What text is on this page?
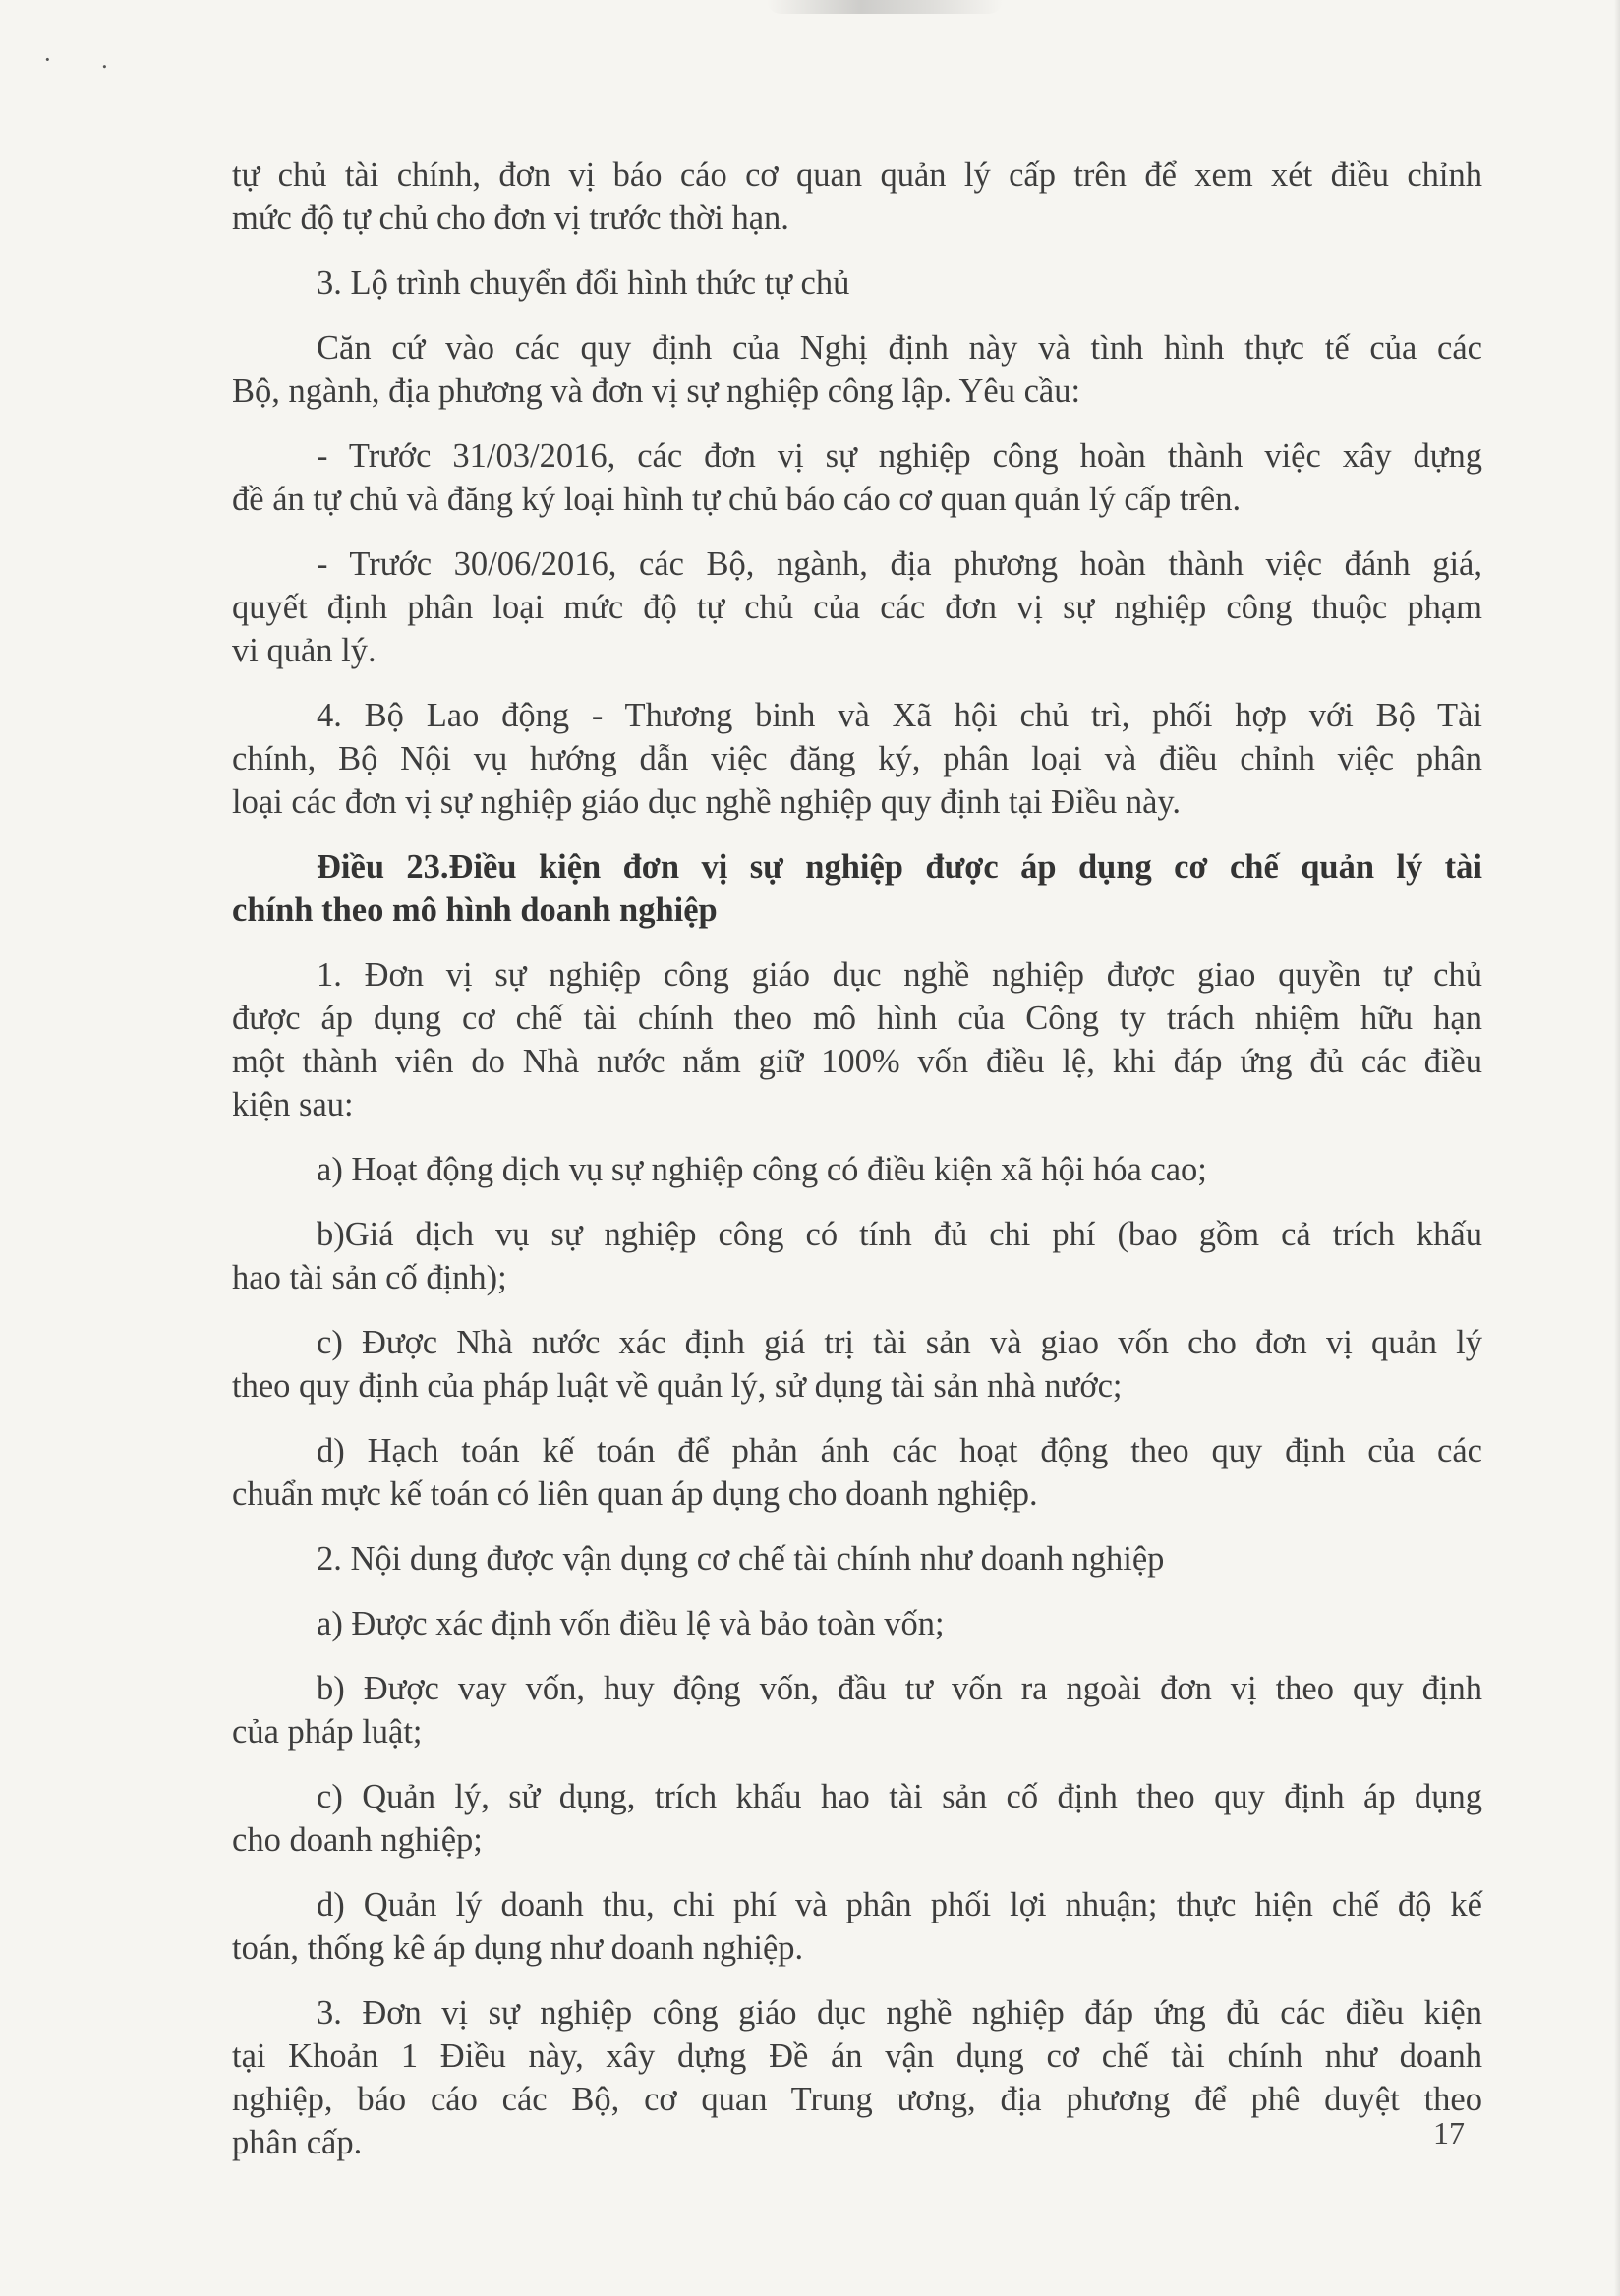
· .

tự chủ tài chính, đơn vị báo cáo cơ quan quản lý cấp trên để xem xét điều chỉnh

mức độ tự chủ cho đơn vị trước thời hạn.

3. Lộ trình chuyển đổi hình thức tự chủ

Căn cứ vào các quy định của Nghị định này và tình hình thực tế của các

Bộ, ngành, địa phương và đơn vị sự nghiệp công lập. Yêu cầu:

- Trước 31/03/2016, các đơn vị sự nghiệp công hoàn thành việc xây dựng

đề án tự chủ và đăng ký loại hình tự chủ báo cáo cơ quan quản lý cấp trên.

- Trước 30/06/2016, các Bộ, ngành, địa phương hoàn thành việc đánh giá,

quyết định phân loại mức độ tự chủ của các đơn vị sự nghiệp công thuộc phạm

vi quản lý.

4. Bộ Lao động - Thương binh và Xã hội chủ trì, phối hợp với Bộ Tài

chính, Bộ Nội vụ hướng dẫn việc đăng ký, phân loại và điều chỉnh việc phân

loại các đơn vị sự nghiệp giáo dục nghề nghiệp quy định tại Điều này.

Điều 23.Điều kiện đơn vị sự nghiệp được áp dụng cơ chế quản lý tài

chính theo mô hình doanh nghiệp

1. Đơn vị sự nghiệp công giáo dục nghề nghiệp được giao quyền tự chủ

được áp dụng cơ chế tài chính theo mô hình của Công ty trách nhiệm hữu hạn

một thành viên do Nhà nước nắm giữ 100% vốn điều lệ, khi đáp ứng đủ các điều

kiện sau:

a) Hoạt động dịch vụ sự nghiệp công có điều kiện xã hội hóa cao;

b)Giá dịch vụ sự nghiệp công có tính đủ chi phí (bao gồm cả trích khấu

hao tài sản cố định);

c) Được Nhà nước xác định giá trị tài sản và giao vốn cho đơn vị quản lý

theo quy định của pháp luật về quản lý, sử dụng tài sản nhà nước;

d) Hạch toán kế toán để phản ánh các hoạt động theo quy định của các

chuẩn mực kế toán có liên quan áp dụng cho doanh nghiệp.

2. Nội dung được vận dụng cơ chế tài chính như doanh nghiệp

a) Được xác định vốn điều lệ và bảo toàn vốn;

b) Được vay vốn, huy động vốn, đầu tư vốn ra ngoài đơn vị theo quy định

của pháp luật;

c) Quản lý, sử dụng, trích khấu hao tài sản cố định theo quy định áp dụng

cho doanh nghiệp;

d) Quản lý doanh thu, chi phí và phân phối lợi nhuận; thực hiện chế độ kế

toán, thống kê áp dụng như doanh nghiệp.

3. Đơn vị sự nghiệp công giáo dục nghề nghiệp đáp ứng đủ các điều kiện

tại Khoản 1 Điều này, xây dựng Đề án vận dụng cơ chế tài chính như doanh

nghiệp, báo cáo các Bộ, cơ quan Trung ương, địa phương để phê duyệt theo

phân cấp.	17
